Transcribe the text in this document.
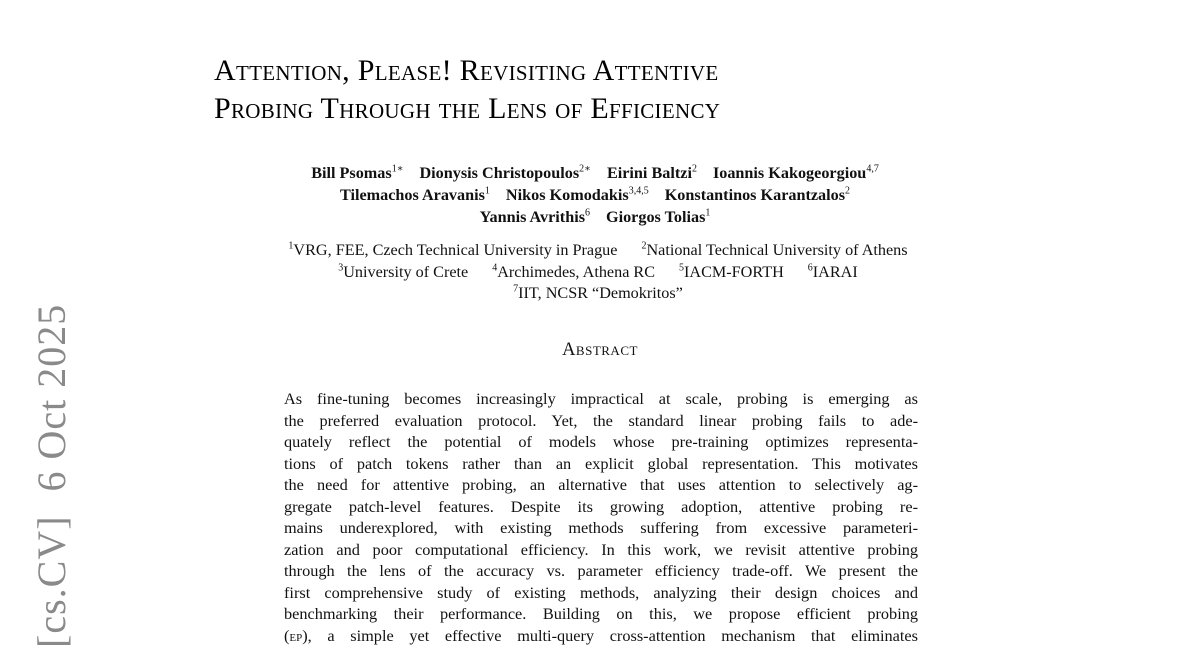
[cs.CV]6 Oct 2025
Attention, Please! Revisiting Attentive
Probing Through the Lens of Efficiency
Bill Psomas$^{1∗}$ Dionysis Christopoulos$^{2∗}$ Eirini Baltzi$^2$ Ioannis Kakogeorgiou$^{4,7}$
Tilemachos Aravanis$^1$ Nikos Komodakis$^{3,4,5}$ Konstantinos Karantzalos$^2$
Yannis Avrithis$^6$ Giorgos Tolias$^1$
$^1$VRG, FEE, Czech Technical University in Prague $^2$National Technical University of Athens
$^3$University of Crete $^4$Archimedes, Athena RC $^5$IACM-FORTH $^6$IARAI
$^7$IIT, NCSR “Demokritos”
Abstract
As fine-tuning becomes increasingly impractical at scale, probing is emerging as
the preferred evaluation protocol. Yet, the standard linear probing fails to ade-
quately reflect the potential of models whose pre-training optimizes representa-
tions of patch tokens rather than an explicit global representation. This motivates
the need for attentive probing, an alternative that uses attention to selectively ag-
gregate patch-level features. Despite its growing adoption, attentive probing re-
mains underexplored, with existing methods suffering from excessive parameteri-
zation and poor computational efficiency. In this work, we revisit attentive probing
through the lens of the accuracy vs. parameter efficiency trade-off. We present the
first comprehensive study of existing methods, analyzing their design choices and
benchmarking their performance. Building on this, we propose efficient probing
(ep), a simple yet effective multi-query cross-attention mechanism that eliminates
